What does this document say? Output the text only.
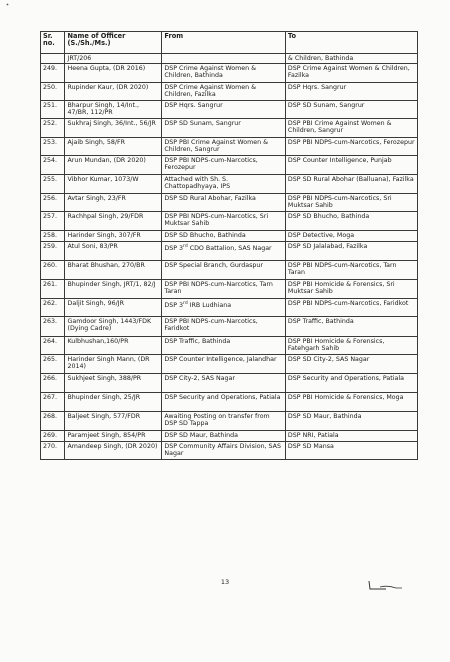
Sr. no.	Name of Officer (S./Sh./Ms.)	From	To
	JRT/206		& Children, Bathinda
249.	Heena Gupta, (DR 2016)	DSP Crime Against Women & Children, Bathinda	DSP Crime Against Women & Children, Fazilka
250.	Rupinder Kaur, (DR 2020)	DSP Crime Against Women & Children, Fazilka	DSP Hqrs. Sangrur
251.	Bharpur Singh, 14/Int., 47/BR, 112/PR	DSP Hqrs. Sangrur	DSP SD Sunam, Sangrur
252.	Sukhraj Singh, 36/Int., 56/JR	DSP SD Sunam, Sangrur	DSP PBI Crime Against Women & Children, Sangrur
253.	Ajaib Singh, 58/FR	DSP PBI Crime Against Women & Children, Sangrur	DSP PBI NDPS-cum-Narcotics, Ferozepur
254.	Arun Mundan, (DR 2020)	DSP PBI NDPS-cum-Narcotics, Ferozepur	DSP Counter Intelligence, Punjab
255.	Vibhor Kumar, 1073/W	Attached with Sh. S. Chattopadhyaya, IPS	DSP SD Rural Abohar (Balluana), Fazilka
256.	Avtar Singh, 23/FR	DSP SD Rural Abohar, Fazilka	DSP PBI NDPS-cum-Narcotics, Sri Muktsar Sahib
257.	Rachhpal Singh, 29/FDR	DSP PBI NDPS-cum-Narcotics, Sri Muktsar Sahib	DSP SD Bhucho, Bathinda
258.	Harinder Singh, 307/FR	DSP SD Bhucho, Bathinda	DSP Detective, Moga
259.	Atul Soni, 83/PR	DSP 3rd CDO Battalion, SAS Nagar	DSP SD Jalalabad, Fazilka
260.	Bharat Bhushan, 270/BR	DSP Special Branch, Gurdaspur	DSP PBI NDPS-cum-Narcotics, Tarn Taran
261.	Bhupinder Singh, JRT/1, 82/J	DSP PBI NDPS-cum-Narcotics, Tarn Taran	DSP PBI Homicide & Forensics, Sri Muktsar Sahib
262.	Daljit Singh, 96/JR	DSP 3rd IRB Ludhiana	DSP PBI NDPS-cum-Narcotics, Faridkot
263.	Gamdoor Singh, 1443/FDK (Dying Cadre)	DSP PBI NDPS-cum-Narcotics, Faridkot	DSP Traffic, Bathinda
264.	Kulbhushan,160/PR	DSP Traffic, Bathinda	DSP PBI Homicide & Forensics, Fatehgarh Sahib
265.	Harinder Singh Mann, (DR 2014)	DSP Counter Intelligence, Jalandhar	DSP SD City-2, SAS Nagar
266.	Sukhjeet Singh, 388/PR	DSP City-2, SAS Nagar	DSP Security and Operations, Patiala
267.	Bhupinder Singh, 25/JR	DSP Security and Operations, Patiala	DSP PBI Homicide & Forensics, Moga
268.	Baljeet Singh, 577/FDR	Awaiting Posting on transfer from DSP SD Tappa	DSP SD Maur, Bathinda
269.	Paramjeet Singh, 854/PR	DSP SD Maur, Bathinda	DSP NRI, Patiala
270.	Amandeep Singh, (DR 2020)	DSP Community Affairs Division, SAS Nagar	DSP SD Mansa
13
